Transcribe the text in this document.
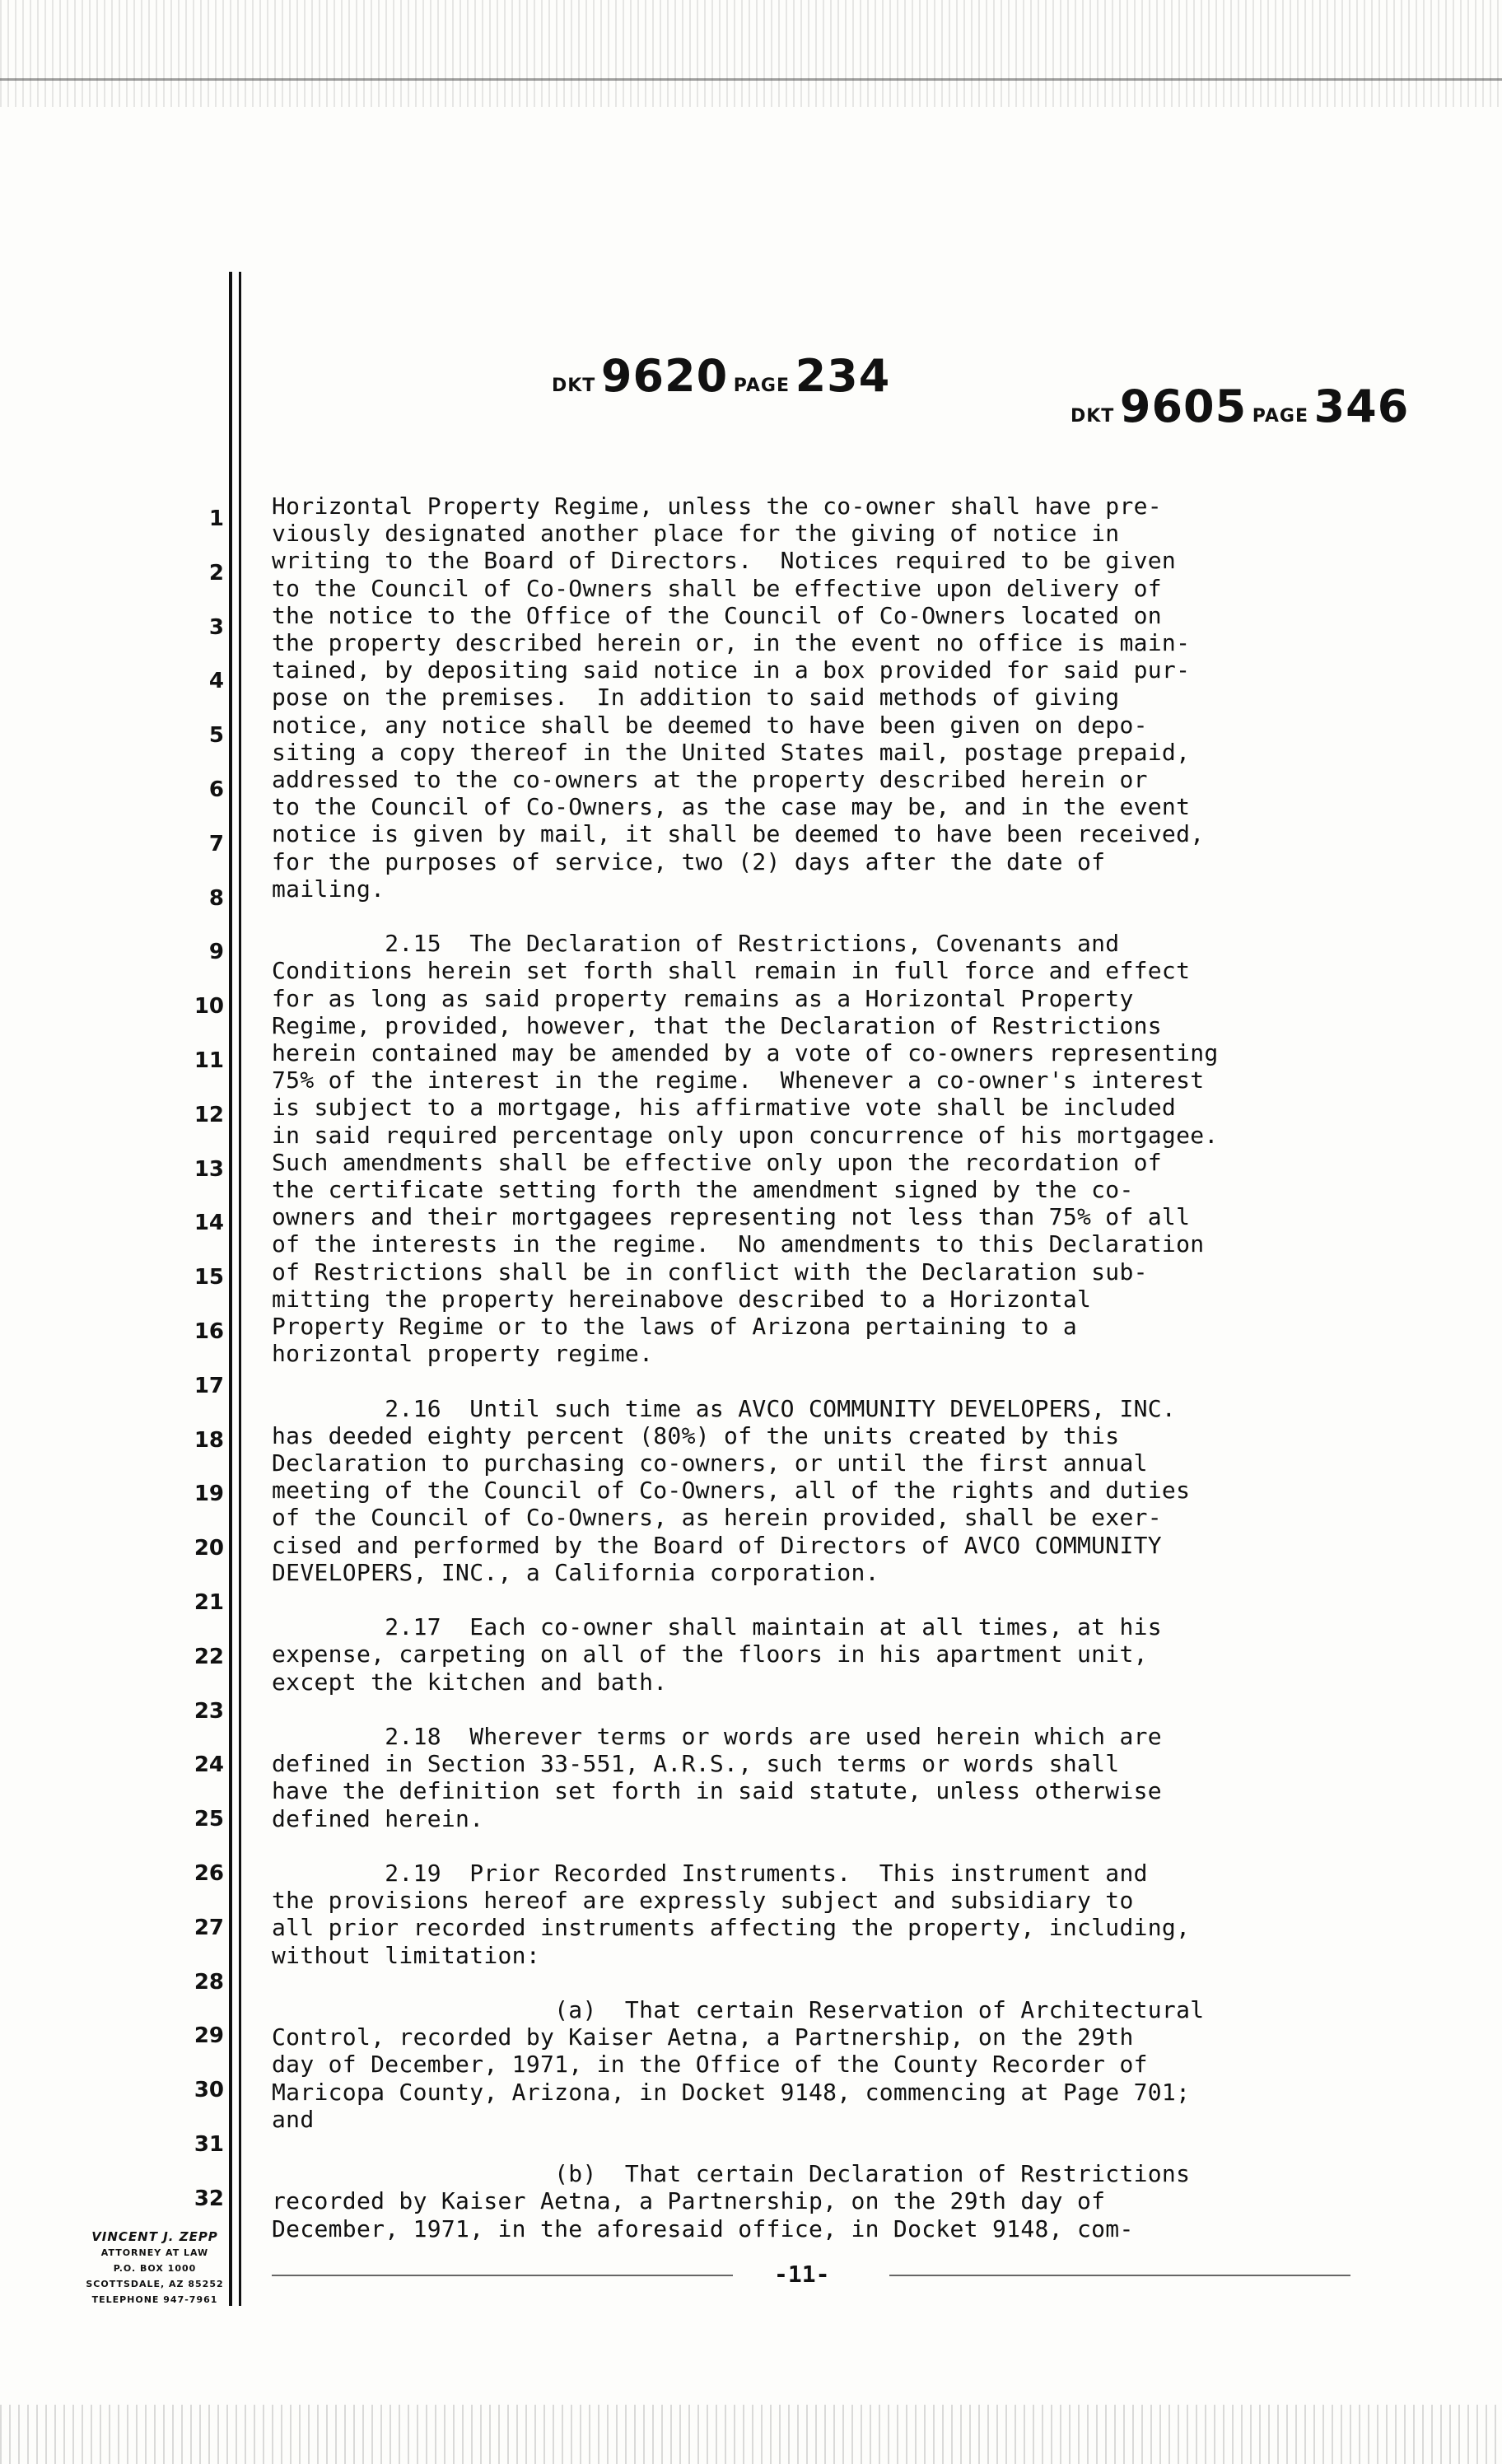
DKT 9620 PAGE 234
DKT 9605 PAGE 346
1
2
3
4
5
6
7
8
9
10
11
12
13
14
15
16
17
18
19
20
21
22
23
24
25
26
27
28
29
30
31
32

Horizontal Property Regime, unless the co-owner shall have pre-
viously designated another place for the giving of notice in
writing to the Board of Directors.  Notices required to be given
to the Council of Co-Owners shall be effective upon delivery of
the notice to the Office of the Council of Co-Owners located on
the property described herein or, in the event no office is main-
tained, by depositing said notice in a box provided for said pur-
pose on the premises.  In addition to said methods of giving
notice, any notice shall be deemed to have been given on depo-
siting a copy thereof in the United States mail, postage prepaid,
addressed to the co-owners at the property described herein or
to the Council of Co-Owners, as the case may be, and in the event
notice is given by mail, it shall be deemed to have been received,
for the purposes of service, two (2) days after the date of
mailing.

2.15  The Declaration of Restrictions, Covenants and
Conditions herein set forth shall remain in full force and effect
for as long as said property remains as a Horizontal Property
Regime, provided, however, that the Declaration of Restrictions
herein contained may be amended by a vote of co-owners representing
75% of the interest in the regime.  Whenever a co-owner's interest
is subject to a mortgage, his affirmative vote shall be included
in said required percentage only upon concurrence of his mortgagee.
Such amendments shall be effective only upon the recordation of
the certificate setting forth the amendment signed by the co-
owners and their mortgagees representing not less than 75% of all
of the interests in the regime.  No amendments to this Declaration
of Restrictions shall be in conflict with the Declaration sub-
mitting the property hereinabove described to a Horizontal
Property Regime or to the laws of Arizona pertaining to a
horizontal property regime.

2.16  Until such time as AVCO COMMUNITY DEVELOPERS, INC.
has deeded eighty percent (80%) of the units created by this
Declaration to purchasing co-owners, or until the first annual
meeting of the Council of Co-Owners, all of the rights and duties
of the Council of Co-Owners, as herein provided, shall be exer-
cised and performed by the Board of Directors of AVCO COMMUNITY
DEVELOPERS, INC., a California corporation.

2.17  Each co-owner shall maintain at all times, at his
expense, carpeting on all of the floors in his apartment unit,
except the kitchen and bath.

2.18  Wherever terms or words are used herein which are
defined in Section 33-551, A.R.S., such terms or words shall
have the definition set forth in said statute, unless otherwise
defined herein.

2.19  Prior Recorded Instruments.  This instrument and
the provisions hereof are expressly subject and subsidiary to
all prior recorded instruments affecting the property, including,
without limitation:

(a)  That certain Reservation of Architectural
Control, recorded by Kaiser Aetna, a Partnership, on the 29th
day of December, 1971, in the Office of the County Recorder of
Maricopa County, Arizona, in Docket 9148, commencing at Page 701;
and

(b)  That certain Declaration of Restrictions
recorded by Kaiser Aetna, a Partnership, on the 29th day of
December, 1971, in the aforesaid office, in Docket 9148, com-

VINCENT J. ZEPP
ATTORNEY AT LAW
P.O. BOX 1000
SCOTTSDALE, AZ 85252
TELEPHONE 947-7961
-11-
